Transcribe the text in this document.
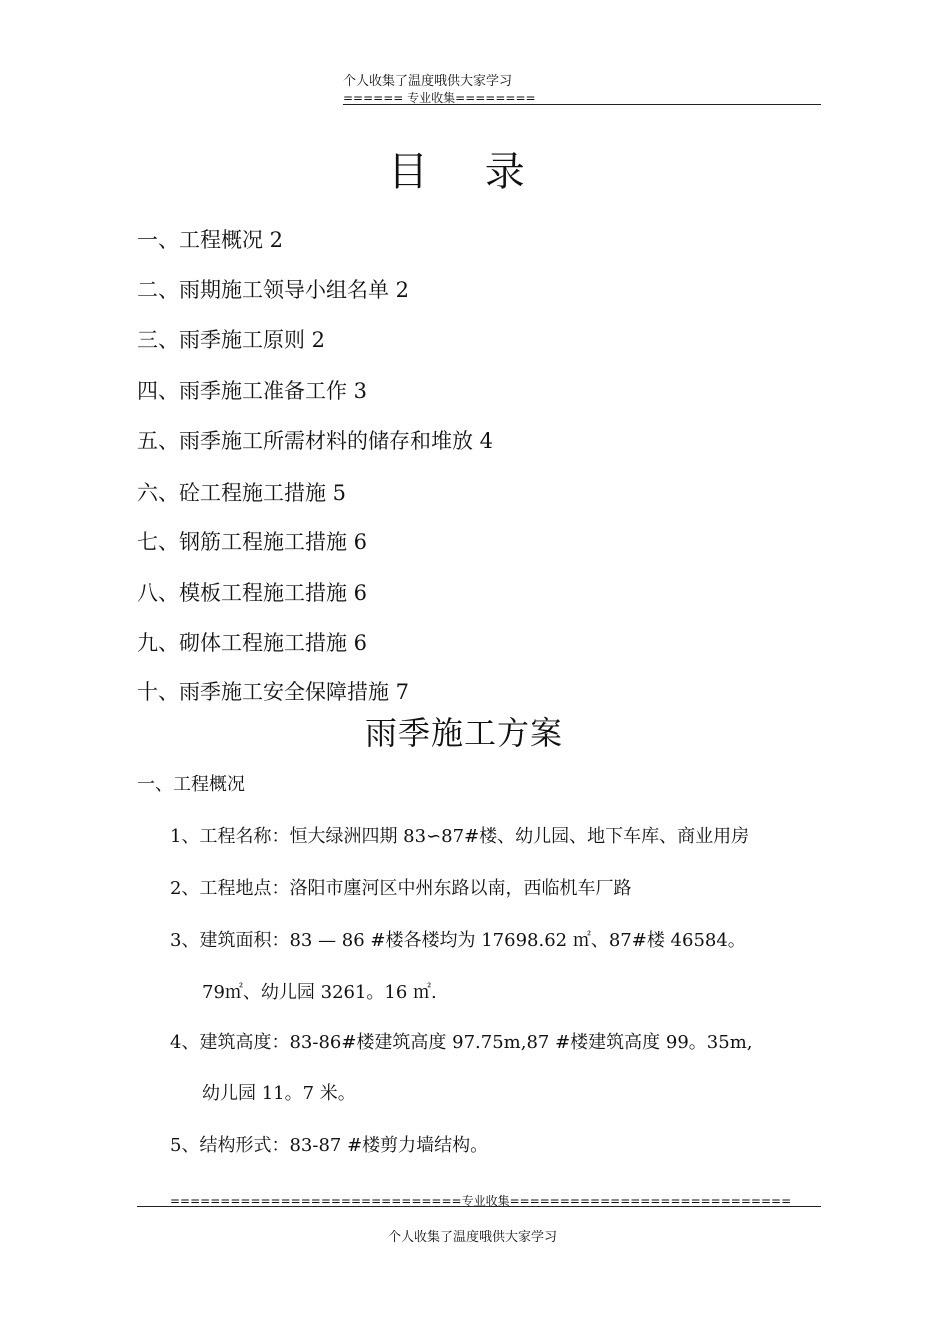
个人收集了温度哦供大家学习
====== 专业收集========
目 录
一、工程概况 2
二、雨期施工领导小组名单 2
三、雨季施工原则 2
四、雨季施工准备工作 3
五、雨季施工所需材料的储存和堆放 4
六、砼工程施工措施 5
七、钢筋工程施工措施 6
八、模板工程施工措施 6
九、砌体工程施工措施 6
十、雨季施工安全保障措施 7
雨季施工方案
一、工程概况
1、工程名称：恒大绿洲四期 83∽87#楼、幼儿园、地下车库、商业用房
2、工程地点：洛阳市廛河区中州东路以南，西临机车厂路
3、建筑面积：83 — 86 #楼各楼均为 17698.62 ㎡、87#楼 46584。
79㎡、幼儿园 3261。16 ㎡.
4、建筑高度：83-86#楼建筑高度 97.75m,87 #楼建筑高度 99。35m,
幼儿园 11。7 米。
5、结构形式：83-87 #楼剪力墙结构。
=============================专业收集============================
个人收集了温度哦供大家学习
